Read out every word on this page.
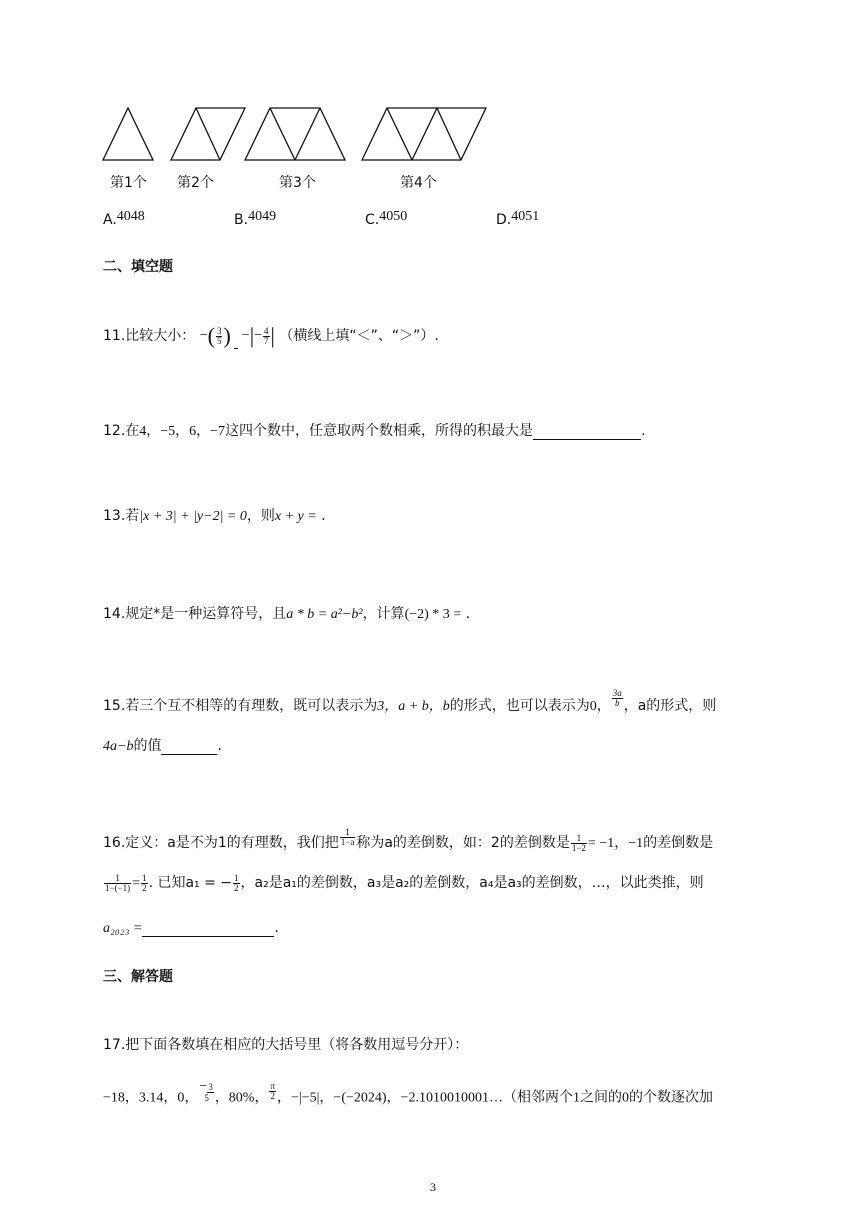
第1个 第2个	第3个	第4个
A.4048	B.4049	C.4050	D.4051
二、填空题
11.比较大小： −( $\frac{3}{5}$ )  −|− $\frac{4}{7}$ | （横线上填“＜”、“＞”）.
12.在4，−5，6，−7这四个数中，任意取两个数相乘，所得的积最大是	.
13.若|x + 3| + |y−2| = 0，则x + y = .
14.规定*是一种运算符号，且a * b = a²−b²，计算(−2) * 3 = .
15.若三个互不相等的有理数，既可以表示为3，a + b，b的形式，也可以表示为0， $\frac{3a}{b}$ ，a的形式，则
4a−b的值	.
16.定义：a是不为1的有理数，我们把 $\frac{1}{1-a}$ 称为a的差倒数，如：2的差倒数是 $\frac{1}{1-2} = -1$，−1的差倒数是
$\frac{1}{1-(-1)} = \frac{1}{2}$ . 已知a₁ = − $\frac{1}{2}$ ，a₂是a₁的差倒数，a₃是a₂的差倒数，a₄是a₃的差倒数，…，以此类推，则
a₂₀₂₃ =	.
三、解答题
17.把下面各数填在相应的大括号里（将各数用逗号分开）：
−18，3.14，0，−3
5 ，80%， $\frac{\pi}{2}$ ，−|−5|，−(−2024)，−2.1010010001…（相邻两个1之间的0的个数逐次加
3
